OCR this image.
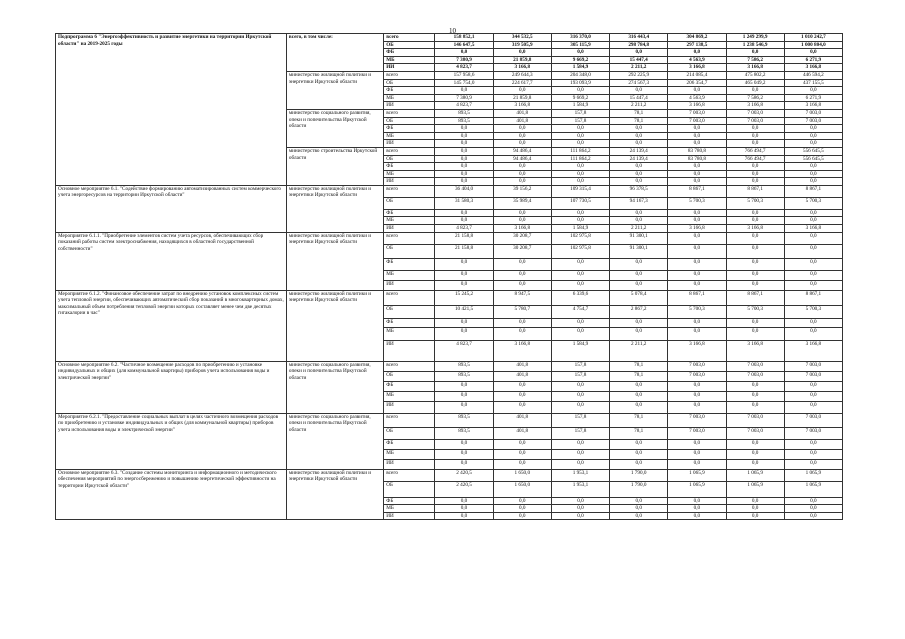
10
Подпрограмма 6 "Энергоэффективность и развитие энергетики на территории Иркутской области" на 2019-2025 годы	всего, в том числе:	всего	158 852,1	344 532,5	316 370,0	316 443,4	304 869,2	1 249 299,9	1 010 242,7
		ОБ	146 647,5	319 505,9	305 115,9	298 784,8	297 138,5	1 238 546,9	1 000 804,0
		ФБ	0,0	0,0	0,0	0,0	0,0	0,0	0,0
		МБ	7 380,9	21 859,8	9 669,2	15 447,4	4 563,9	7 586,2	6 271,9
		ИИ	4 823,7	3 166,8	1 584,9	2 211,2	3 166,8	3 166,8	3 166,8
	министерство жилищной политики и энергетики Иркутской области	всего	157 958,6	249 644,3	204 348,0	292 225,9	214 085,4	475 802,2	446 594,2
		ОБ	145 754,0	224 617,7	193 093,9	274 567,3	206 354,7	465 049,2	437 155,5
		ФБ	0,0	0,0	0,0	0,0	0,0	0,0	0,0
		МБ	7 380,9	21 859,8	9 669,2	15 447,4	4 563,9	7 586,2	6 271,9
		ИИ	4 823,7	3 166,8	1 584,9	2 211,2	3 166,8	3 166,8	3 166,8
	министерство социального развития, опеки и попечительства Иркутской области	всего	893,5	401,8	157,8	78,1	7 003,0	7 003,0	7 003,0
		ОБ	893,5	401,8	157,8	78,1	7 003,0	7 003,0	7 003,0
		ФБ	0,0	0,0	0,0	0,0	0,0	0,0	0,0
		МБ	0,0	0,0	0,0	0,0	0,0	0,0	0,0
		ИИ	0,0	0,0	0,0	0,0	0,0	0,0	0,0
	министерство строительства Иркутской области	всего	0,0	94 486,4	111 864,2	24 139,4	83 780,8	766 494,7	556 645,5
		ОБ	0,0	94 486,4	111 864,2	24 139,4	83 780,8	766 494,7	556 645,5
		ФБ	0,0	0,0	0,0	0,0	0,0	0,0	0,0
		МБ	0,0	0,0	0,0	0,0	0,0	0,0	0,0
		ИИ	0,0	0,0	0,0	0,0	0,0	0,0	0,0
Основное мероприятие 6.1. "Содействие формированию автоматизированных систем коммерческого учета энергоресурсов на территории Иркутской области"	министерство жилищной политики и энергетики Иркутской области	всего	36 404,0	39 156,2	109 315,4	96 378,5	8 867,1	8 867,1	8 867,1
		ОБ	31 580,3	35 989,4	107 730,5	94 167,3	5 700,3	5 700,3	5 700,3
		ФБ	0,0	0,0	0,0	0,0	0,0	0,0	0,0
		МБ	0,0	0,0	0,0	0,0	0,0	0,0	0,0
		ИИ	4 823,7	3 166,8	1 584,9	2 211,2	3 166,8	3 166,8	3 166,8
Мероприятие 6.1.1. "Приобретение элементов систем учета ресурсов, обеспечивающих сбор показаний работы систем электроснабжения, находящихся в областной государственной собственности"	министерство жилищной политики и энергетики Иркутской области	всего	21 158,8	30 208,7	102 975,8	91 300,1	0,0	0,0	0,0
		ОБ	21 158,8	30 208,7	102 975,8	91 300,1	0,0	0,0	0,0
		ФБ	0,0	0,0	0,0	0,0	0,0	0,0	0,0
		МБ	0,0	0,0	0,0	0,0	0,0	0,0	0,0
		ИИ	0,0	0,0	0,0	0,0	0,0	0,0	0,0
Мероприятие 6.1.2. "Финансовое обеспечение затрат по внедрению установок комплексных систем учета тепловой энергии, обеспечивающих автоматический сбор показаний в многоквартирных домах, максимальный объем потребления тепловой энергии которых составляет менее чем две десятых гигакалории в час"	министерство жилищной политики и энергетики Иркутской области	всего	15 245,2	8 947,5	6 339,6	5 078,4	8 867,1	8 867,1	8 867,1
		ОБ	10 421,5	5 780,7	4 754,7	2 867,2	5 700,3	5 700,3	5 700,3
		ФБ	0,0	0,0	0,0	0,0	0,0	0,0	0,0
		МБ	0,0	0,0	0,0	0,0	0,0	0,0	0,0
		ИИ	4 823,7	3 166,8	1 584,9	2 211,2	3 166,8	3 166,8	3 166,8
Основное мероприятие 6.2. "Частичное возмещение расходов по приобретению и установке индивидуальных и общих (для коммунальной квартиры) приборов учета использования воды и электрической энергии"	министерство социального развития, опеки и попечительства Иркутской области	всего	893,5	401,8	157,8	78,1	7 003,0	7 003,0	7 003,0
		ОБ	893,5	401,8	157,8	78,1	7 003,0	7 003,0	7 003,0
		ФБ	0,0	0,0	0,0	0,0	0,0	0,0	0,0
		МБ	0,0	0,0	0,0	0,0	0,0	0,0	0,0
		ИИ	0,0	0,0	0,0	0,0	0,0	0,0	0,0
Мероприятие 6.2.1. "Предоставление социальных выплат в целях частичного возмещения расходов по приобретению и установке индивидуальных и общих (для коммунальной квартиры) приборов учета использования воды и электрической энергии"	министерство социального развития, опеки и попечительства Иркутской области	всего	893,5	401,8	157,8	78,1	7 003,0	7 003,0	7 003,0
		ОБ	893,5	401,8	157,8	78,1	7 003,0	7 003,0	7 003,0
		ФБ	0,0	0,0	0,0	0,0	0,0	0,0	0,0
		МБ	0,0	0,0	0,0	0,0	0,0	0,0	0,0
		ИИ	0,0	0,0	0,0	0,0	0,0	0,0	0,0
Основное мероприятие 6.3. "Создание системы мониторинга и информационного и методического обеспечения мероприятий по энергосбережению и повышению энергетической эффективности на территории Иркутской области"	министерство жилищной политики и энергетики Иркутской области	всего	2 420,5	1 650,0	1 953,1	1 790,0	1 065,9	1 065,9	1 065,9
		ОБ	2 420,5	1 650,0	1 953,1	1 790,0	1 065,9	1 065,9	1 065,9
		ФБ	0,0	0,0	0,0	0,0	0,0	0,0	0,0
		МБ	0,0	0,0	0,0	0,0	0,0	0,0	0,0
		ИИ	0,0	0,0	0,0	0,0	0,0	0,0	0,0
